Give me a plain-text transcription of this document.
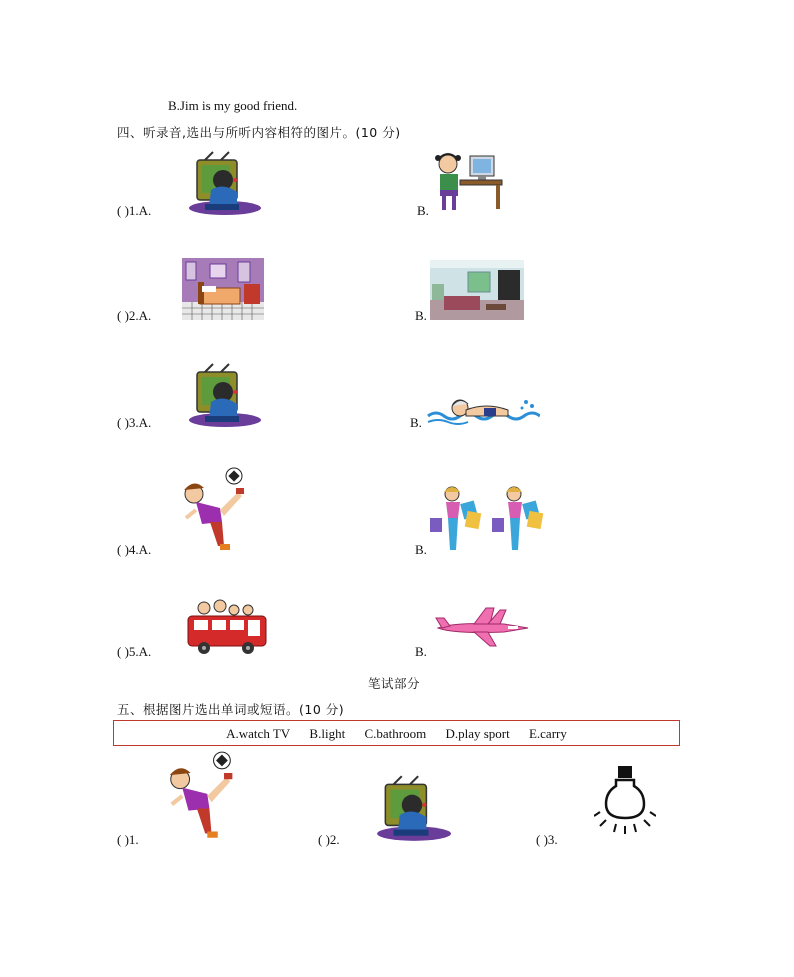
B.Jim is my good friend.
四、听录音,选出与所听内容相符的图片。(10 分)
( )1.A.	B.
( )2.A.	B.
( )3.A.	B.
( )4.A.	B.
( )5.A.	B.
笔试部分
五、根据图片选出单词或短语。(10 分)
A.watch TV B.light C.bathroom D.play sport E.carry
( )1.	( )2.	( )3.
